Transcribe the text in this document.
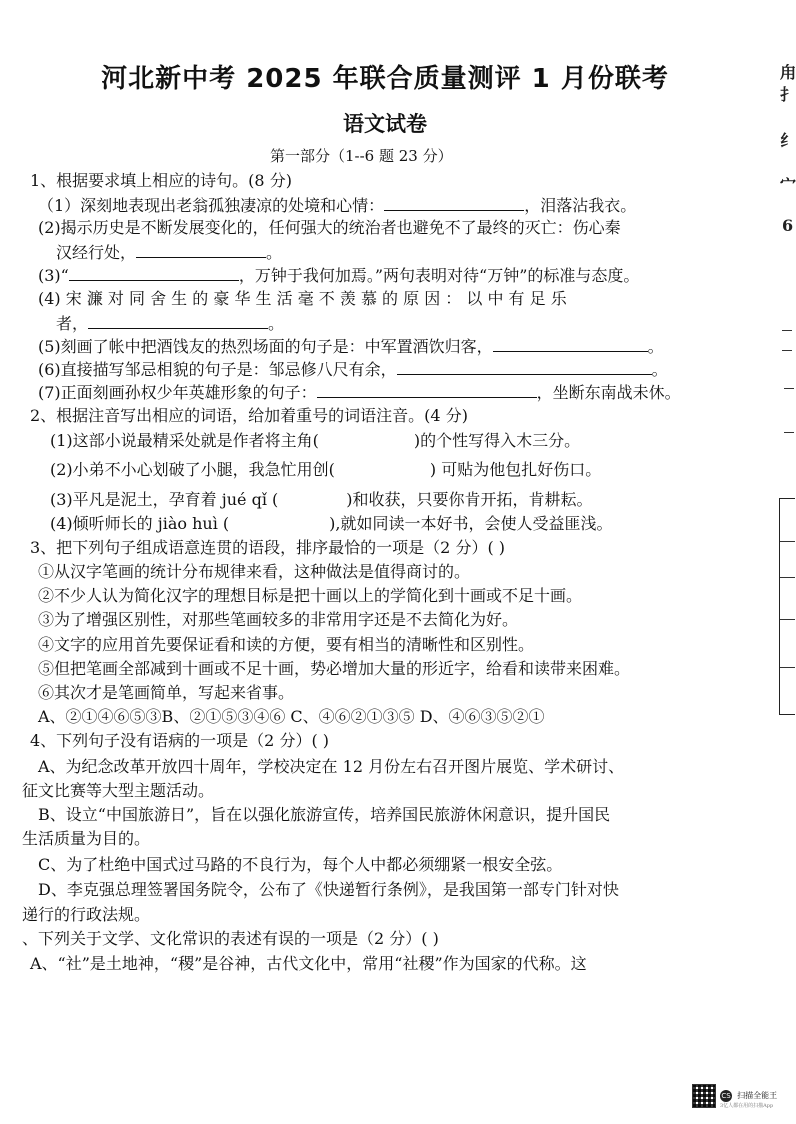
河北新中考 2025 年联合质量测评 1 月份联考
语文试卷
第一部分（1--6 题 23 分）
1、根据要求填上相应的诗句。(8 分)
（1）深刻地表现出老翁孤独凄凉的处境和心情：	，泪落沾我衣。
(2)揭示历史是不断发展变化的，任何强大的统治者也避免不了最终的灭亡：伤心秦
汉经行处，	。
(3)“	，万钟于我何加焉。”两句表明对待“万钟”的标准与态度。
(4) 宋 濂 对 同 舍 生 的 豪 华 生 活 毫 不 羡 慕 的 原 因 ： 以 中 有 足 乐
者，	。
(5)刻画了帐中把酒饯友的热烈场面的句子是：中军置酒饮归客，	。
(6)直接描写邹忌相貌的句子是：邹忌修八尺有余，	。
(7)正面刻画孙权少年英雄形象的句子：	，坐断东南战未休。
2、根据注音写出相应的词语，给加着重号的词语注音。(4 分)
(1)这部小说最精采处就是作者将主角(	)的个性写得入木三分。
(2)小弟不小心划破了小腿，我急忙用创(	) 可贴为他包扎好伤口。
(3)平凡是泥土，孕育着 jué qǐ (	)和收获，只要你肯开拓，肯耕耘。
(4)倾听师长的 jiào huì (	),就如同读一本好书，会使人受益匪浅。
3、把下列句子组成语意连贯的语段，排序最恰的一项是（2 分）( )
①从汉字笔画的统计分布规律来看，这种做法是值得商讨的。
②不少人认为简化汉字的理想目标是把十画以上的学简化到十画或不足十画。
③为了增强区别性，对那些笔画较多的非常用字还是不去简化为好。
④文字的应用首先要保证看和读的方便，要有相当的清晰性和区别性。
⑤但把笔画全部减到十画或不足十画，势必增加大量的形近字，给看和读带来困难。
⑥其次才是笔画简单，写起来省事。
A、②①④⑥⑤③B、②①⑤③④⑥ C、④⑥②①③⑤ D、④⑥③⑤②①
4、下列句子没有语病的一项是（2 分）( )
A、为纪念改革开放四十周年，学校决定在 12 月份左右召开图片展览、学术研讨、
征文比赛等大型主题活动。
B、设立“中国旅游日”，旨在以强化旅游宣传，培养国民旅游休闲意识，提升国民
生活质量为目的。
C、为了杜绝中国式过马路的不良行为，每个人中都必须绷紧一根安全弦。
D、李克强总理签署国务院令，公布了《快递暂行条例》，是我国第一部专门针对快
递行的行政法规。
、下列关于文学、文化常识的表述有误的一项是（2 分）( )
A、“社”是土地神，“稷”是谷神，古代文化中，常用“社稷”作为国家的代称。这
甪
扌
纟
宀
6
CS 扫描全能王
3亿人都在用的扫描App
